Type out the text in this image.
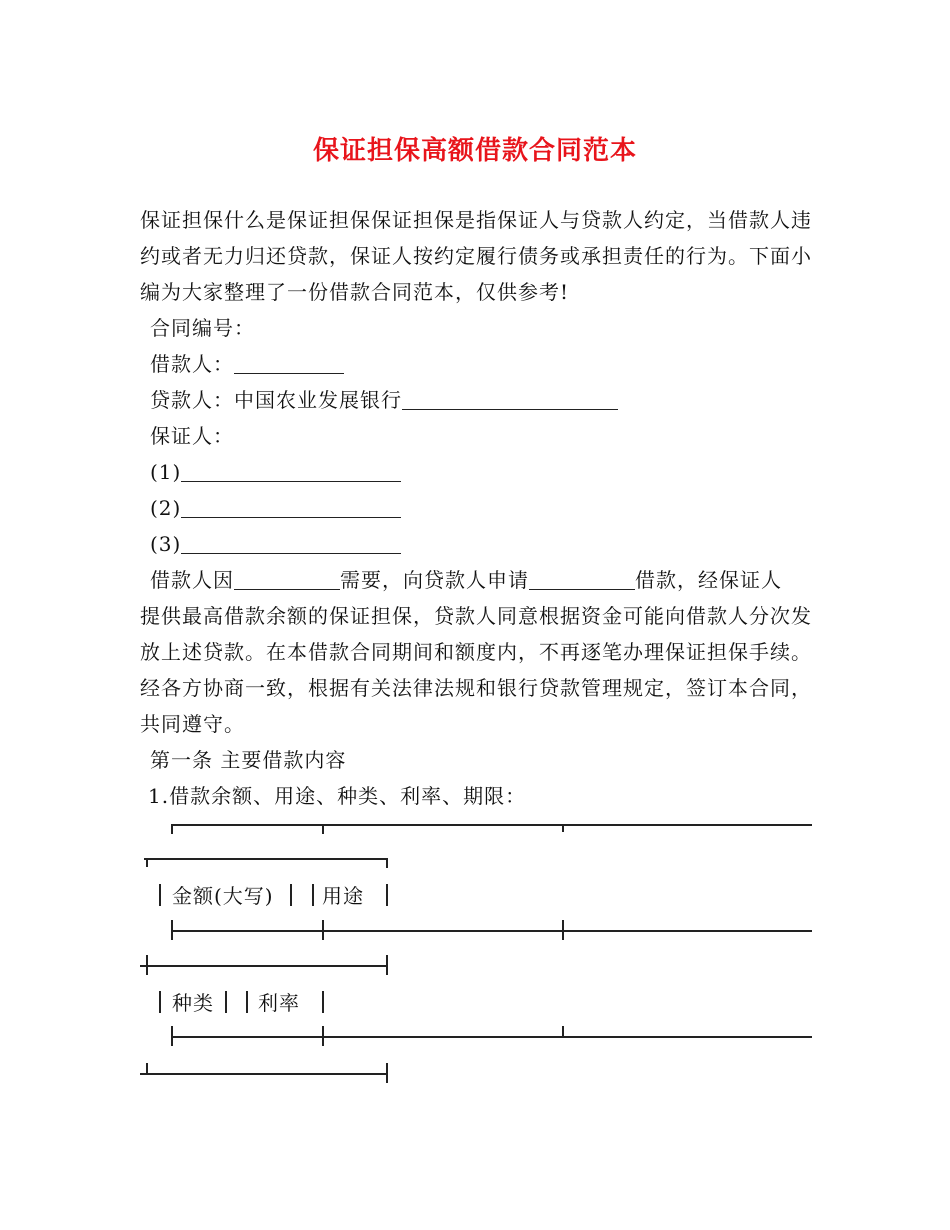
保证担保高额借款合同范本
保证担保什么是保证担保保证担保是指保证人与贷款人约定，当借款人违约或者无力归还贷款，保证人按约定履行债务或承担责任的行为。下面小编为大家整理了一份借款合同范本，仅供参考!
合同编号：
借款人：
贷款人：中国农业发展银行
保证人：
(1)
(2)
(3)
借款人因	需要，向贷款人申请	借款，经保证人
提供最高借款余额的保证担保，贷款人同意根据资金可能向借款人分次发放上述贷款。在本借款合同期间和额度内，不再逐笔办理保证担保手续。经各方协商一致，根据有关法律法规和银行贷款管理规定，签订本合同，共同遵守。
第一条 主要借款内容
1.借款余额、用途、种类、利率、期限：
金额(大写) 用途
种类 利率
